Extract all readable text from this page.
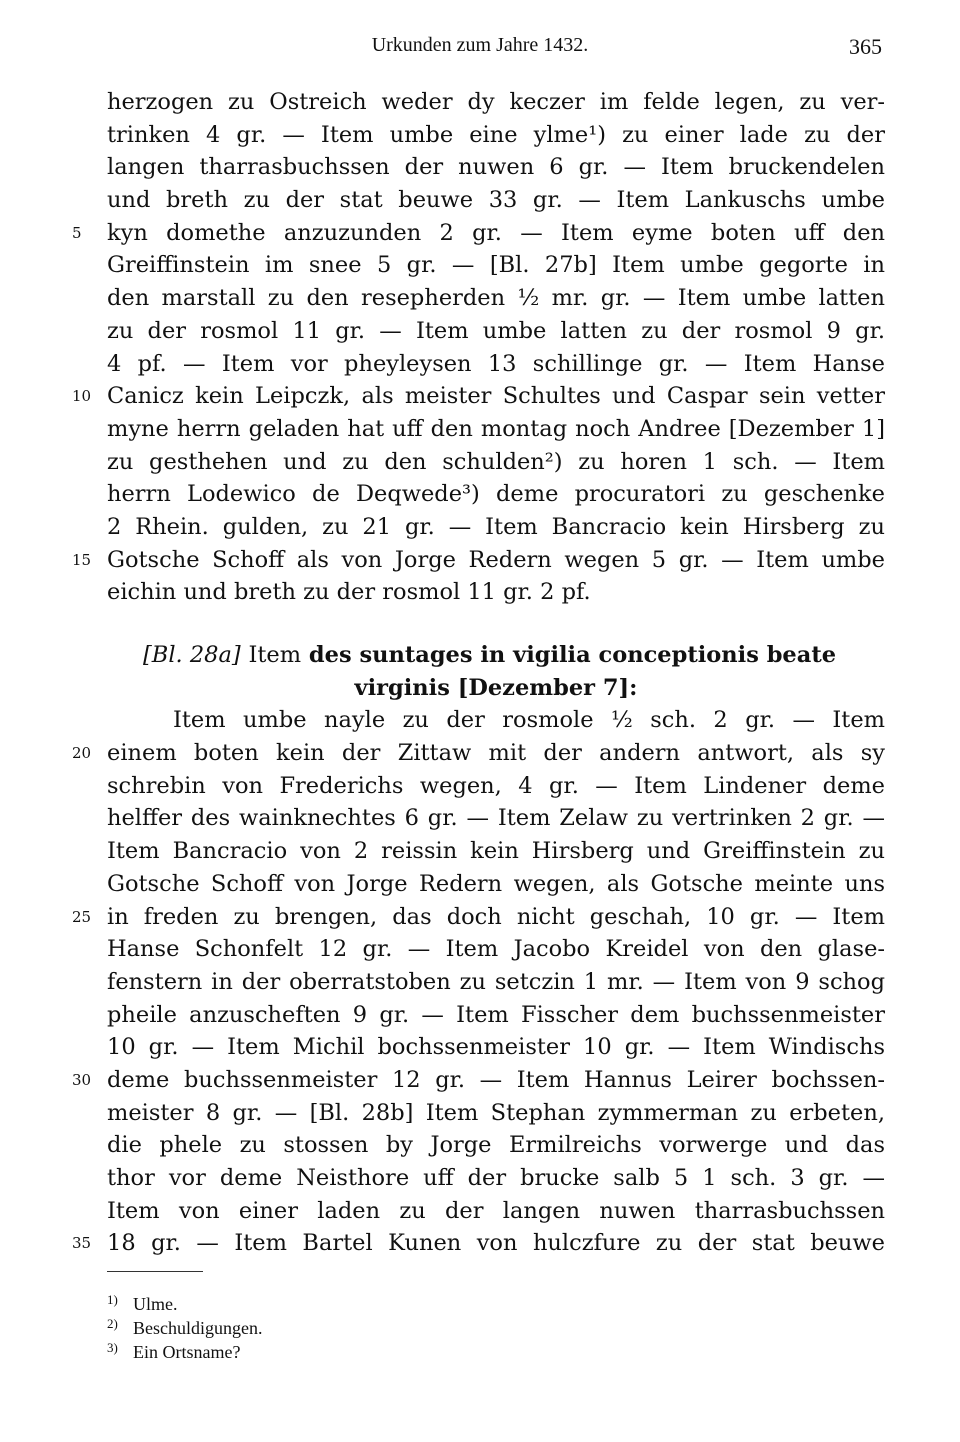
Urkunden zum Jahre 1432.	365
herzogen zu Ostreich weder dy keczer im felde legen, zu ver-
trinken 4 gr. — Item umbe eine ylme¹) zu einer lade zu der
langen tharrasbuchssen der nuwen 6 gr. — Item bruckendelen
und breth zu der stat beuwe 33 gr. — Item Lankuschs umbe
5	kyn domethe anzuzunden 2 gr. — Item eyme boten uff den
Greiffinstein im snee 5 gr. — [Bl. 27b] Item umbe gegorte in
den marstall zu den resepherden ½ mr. gr. — Item umbe latten
zu der rosmol 11 gr. — Item umbe latten zu der rosmol 9 gr.
4 pf. — Item vor pheyleysen 13 schillinge gr. — Item Hanse
10 Canicz kein Leipczk, als meister Schultes und Caspar sein vetter
myne herrn geladen hat uff den montag noch Andree [Dezember 1]
zu gesthehen und zu den schulden²) zu horen 1 sch. — Item
herrn Lodewico de Deqwede³) deme procuratori zu geschenke
2 Rhein. gulden, zu 21 gr. — Item Bancracio kein Hirsberg zu
15 Gotsche Schoff als von Jorge Redern wegen 5 gr. — Item umbe
eichin und breth zu der rosmol 11 gr. 2 pf.
[Bl. 28a] Item des suntages in vigilia conceptionis beate
virginis [Dezember 7]:
Item umbe nayle zu der rosmole ½ sch. 2 gr. — Item
20 einem boten kein der Zittaw mit der andern antwort, als sy
schrebin von Frederichs wegen, 4 gr. — Item Lindener deme
helffer des wainknechtes 6 gr. — Item Zelaw zu vertrinken 2 gr. —
Item Bancracio von 2 reissin kein Hirsberg und Greiffinstein zu
Gotsche Schoff von Jorge Redern wegen, als Gotsche meinte uns
25 in freden zu brengen, das doch nicht geschah, 10 gr. — Item
Hanse Schonfelt 12 gr. — Item Jacobo Kreidel von den glase-
fenstern in der oberratstoben zu setczin 1 mr. — Item von 9 schog
pheile anzuscheften 9 gr. — Item Fisscher dem buchssenmeister
10 gr. — Item Michil bochssenmeister 10 gr. — Item Windischs
30 deme buchssenmeister 12 gr. — Item Hannus Leirer bochssen-
meister 8 gr. — [Bl. 28b] Item Stephan zymmerman zu erbeten,
die phele zu stossen by Jorge Ermilreichs vorwerge und das
thor vor deme Neisthore uff der brucke salb 5 1 sch. 3 gr. —
Item von einer laden zu der langen nuwen tharrasbuchssen
35 18 gr. — Item Bartel Kunen von hulczfure zu der stat beuwe
1) Ulme.
2) Beschuldigungen.
3) Ein Ortsname?
